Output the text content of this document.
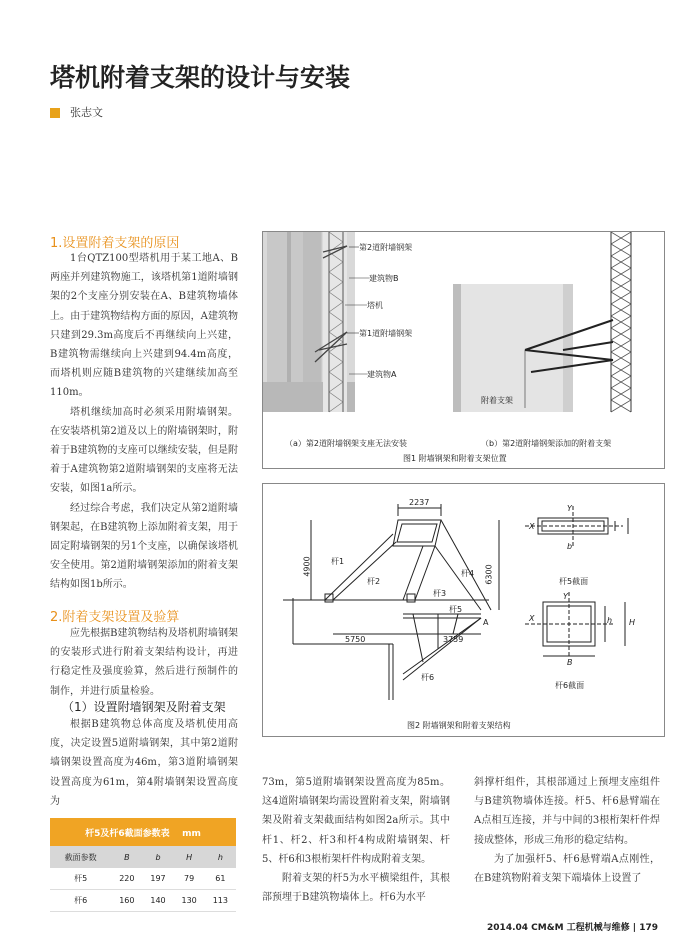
塔机附着支架的设计与安装
张志文
1.设置附着支架的原因

1台QTZ100型塔机用于某工地A、B两座并列建筑物施工，该塔机第1道附墙钢架的2个支座分别安装在A、B建筑物墙体上。由于建筑物结构方面的原因，A建筑物只建到29.3m高度后不再继续向上兴建，B建筑物需继续向上兴建到94.4m高度，而塔机则应随B建筑物的兴建继续加高至110m。

塔机继续加高时必须采用附墙钢架。在安装塔机第2道及以上的附墙钢架时，附着于B建筑物的支座可以继续安装，但是附着于A建筑物第2道附墙钢架的支座将无法安装，如图1a所示。

经过综合考虑，我们决定从第2道附墙钢架起，在B建筑物上添加附着支架，用于固定附墙钢架的另1个支座，以确保该塔机安全使用。第2道附墙钢架添加的附着支架结构如图1b所示。

2.附着支架设置及验算

应先根据B建筑物结构及塔机附墙钢架的安装形式进行附着支架结构设计，再进行稳定性及强度验算，然后进行预制件的制作，并进行质量检验。

（1）设置附墙钢架及附着支架

根据B建筑物总体高度及塔机使用高度，决定设置5道附墙钢架，其中第2道附墙钢架设置高度为46m，第3道附墙钢架设置高度为61m，第4附墙钢架设置高度为

73m，第5道附墙钢架设置高度为85m。这4道附墙钢架均需设置附着支架，附墙钢架及附着支架截面结构如图2a所示。其中杆1、杆2、杆3和杆4构成附墙钢架、杆5、杆6和3根桁架杆件构成附着支架。

附着支架的杆5为水平横梁组件，其根部预埋于B建筑物墙体上。杆6为水平

斜撑杆组件，其根部通过上预埋支座组件与B建筑物墙体连接。杆5、杆6悬臂端在A点相互连接，并与中间的3根桁架杆件焊接成整体，形成三角形的稳定结构。

为了加强杆5、杆6悬臂端A点刚性，在B建筑物附着支架下端墙体上设置了

第2道附墙钢架
建筑物B
塔机
第1道附墙钢架
建筑物A
附着支架
（a）第2道附墙钢架支座无法安装	（b）第2道附墙钢架添加的附着支架
图1 附墙钢架和附着支架位置
2237
4900	6300
5750	3759
杆1
杆2
杆3
杆4
杆5
杆6
A
X
Y
X
Y
b
B
H
h
杆5截面
杆6截面
图2 附墙钢架和附着支架结构
杆5及杆6截面参数表 mm				
截面参数	B	b	H	h
杆5	220	197	79	61
杆6	160	140	130	113
2014.04 CM&M 工程机械与维修 | 179
